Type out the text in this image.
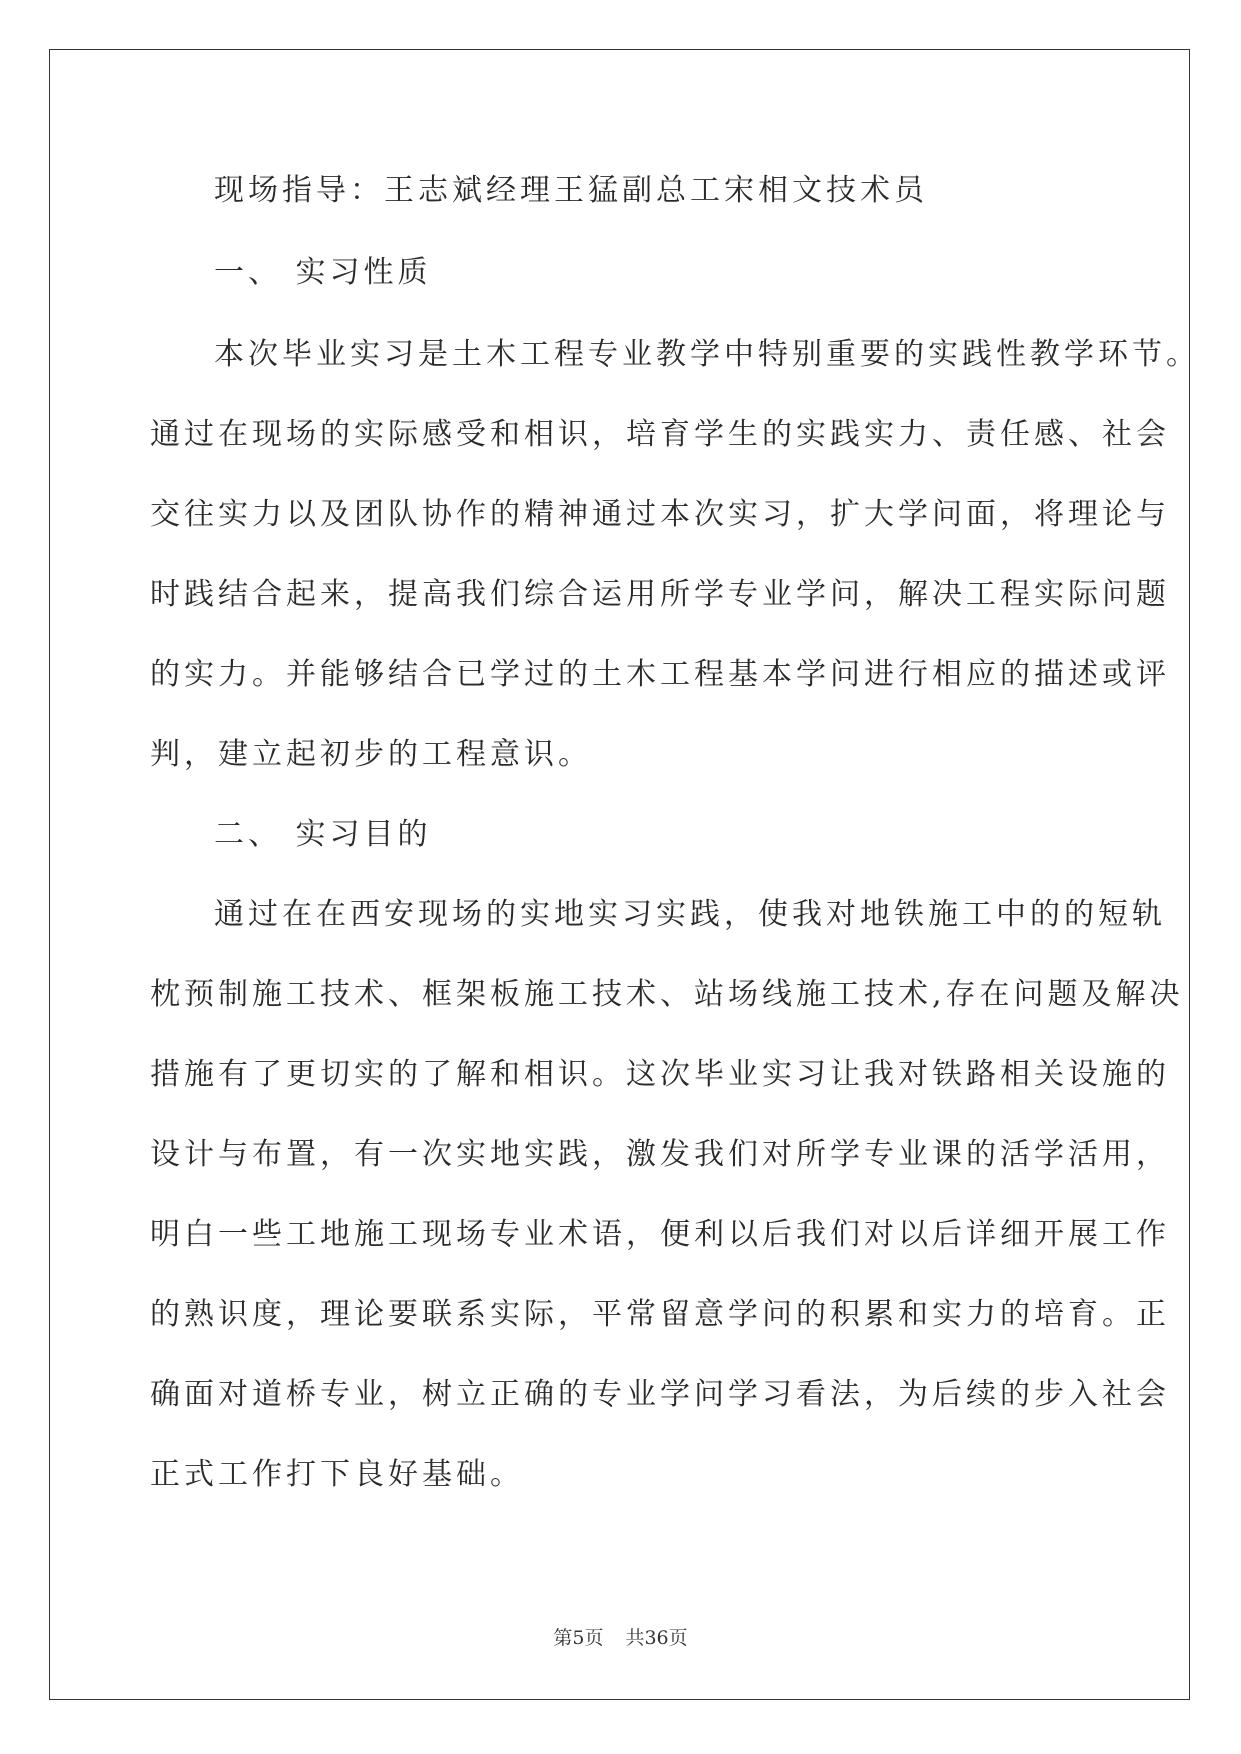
现场指导：王志斌经理王猛副总工宋相文技术员
一、 实习性质
本次毕业实习是土木工程专业教学中特别重要的实践性教学环节。
通过在现场的实际感受和相识，培育学生的实践实力、责任感、社会
交往实力以及团队协作的精神通过本次实习，扩大学问面，将理论与
时践结合起来，提高我们综合运用所学专业学问，解决工程实际问题
的实力。并能够结合已学过的土木工程基本学问进行相应的描述或评
判，建立起初步的工程意识。
二、 实习目的
通过在在西安现场的实地实习实践，使我对地铁施工中的的短轨
枕预制施工技术、框架板施工技术、站场线施工技术,存在问题及解决
措施有了更切实的了解和相识。这次毕业实习让我对铁路相关设施的
设计与布置，有一次实地实践，激发我们对所学专业课的活学活用，
明白一些工地施工现场专业术语，便利以后我们对以后详细开展工作
的熟识度，理论要联系实际，平常留意学问的积累和实力的培育。正
确面对道桥专业，树立正确的专业学问学习看法，为后续的步入社会
正式工作打下良好基础。
第5页 共36页
